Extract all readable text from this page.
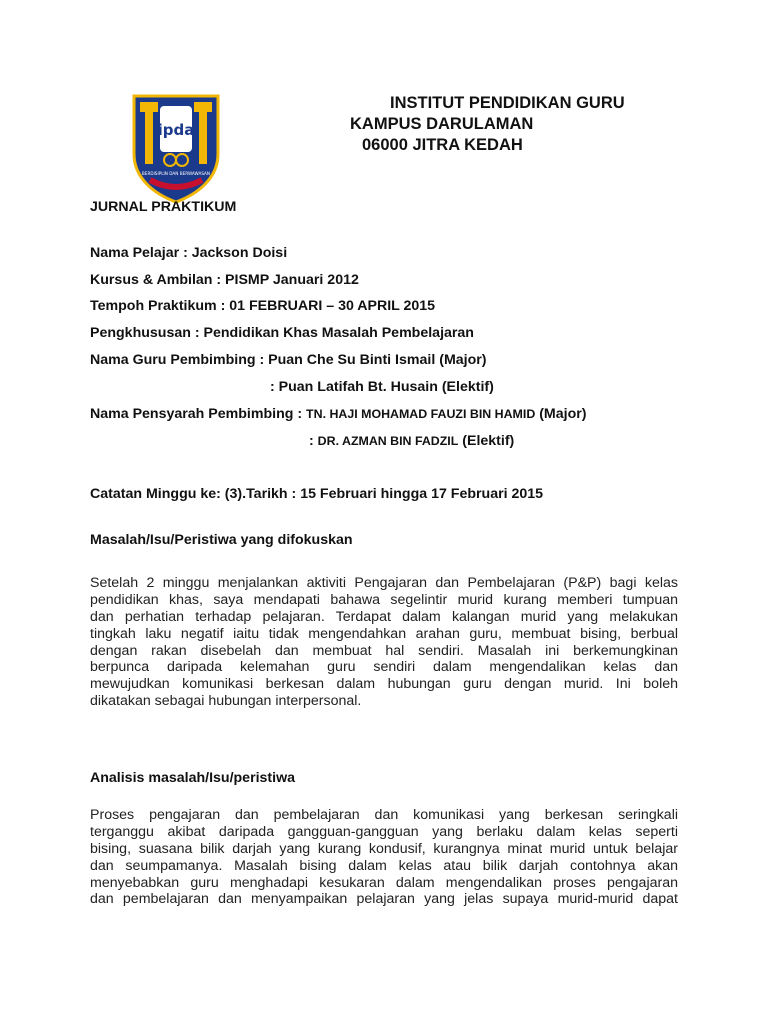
ipda
BERDISIPLIN DAN BERWAWASAN
INSTITUT PENDIDIKAN GURU
KAMPUS DARULAMAN
06000 JITRA KEDAH
JURNAL PRAKTIKUM
Nama Pelajar : Jackson Doisi
Kursus & Ambilan : PISMP Januari 2012
Tempoh Praktikum : 01 FEBRUARI – 30 APRIL 2015
Pengkhususan : Pendidikan Khas Masalah Pembelajaran
Nama Guru Pembimbing : Puan Che Su Binti Ismail (Major)
: Puan Latifah Bt. Husain (Elektif)
Nama Pensyarah Pembimbing : TN. HAJI MOHAMAD FAUZI BIN HAMID (Major)
: DR. AZMAN BIN FADZIL (Elektif)
Catatan Minggu ke: (3).Tarikh : 15 Februari hingga 17 Februari 2015
Masalah/Isu/Peristiwa yang difokuskan
Setelah 2 minggu menjalankan aktiviti Pengajaran dan Pembelajaran (P&P) bagi kelas
pendidikan khas, saya mendapati bahawa segelintir murid kurang memberi tumpuan
dan perhatian terhadap pelajaran. Terdapat dalam kalangan murid yang melakukan
tingkah laku negatif iaitu tidak mengendahkan arahan guru, membuat bising, berbual
dengan rakan disebelah dan membuat hal sendiri. Masalah ini berkemungkinan
berpunca daripada kelemahan guru sendiri dalam mengendalikan kelas dan
mewujudkan komunikasi berkesan dalam hubungan guru dengan murid. Ini boleh
dikatakan sebagai hubungan interpersonal.
Analisis masalah/Isu/peristiwa
Proses pengajaran dan pembelajaran dan komunikasi yang berkesan seringkali
terganggu akibat daripada gangguan-gangguan yang berlaku dalam kelas seperti
bising, suasana bilik darjah yang kurang kondusif, kurangnya minat murid untuk belajar
dan seumpamanya. Masalah bising dalam kelas atau bilik darjah contohnya akan
menyebabkan guru menghadapi kesukaran dalam mengendalikan proses pengajaran
dan pembelajaran dan menyampaikan pelajaran yang jelas supaya murid-murid dapat
